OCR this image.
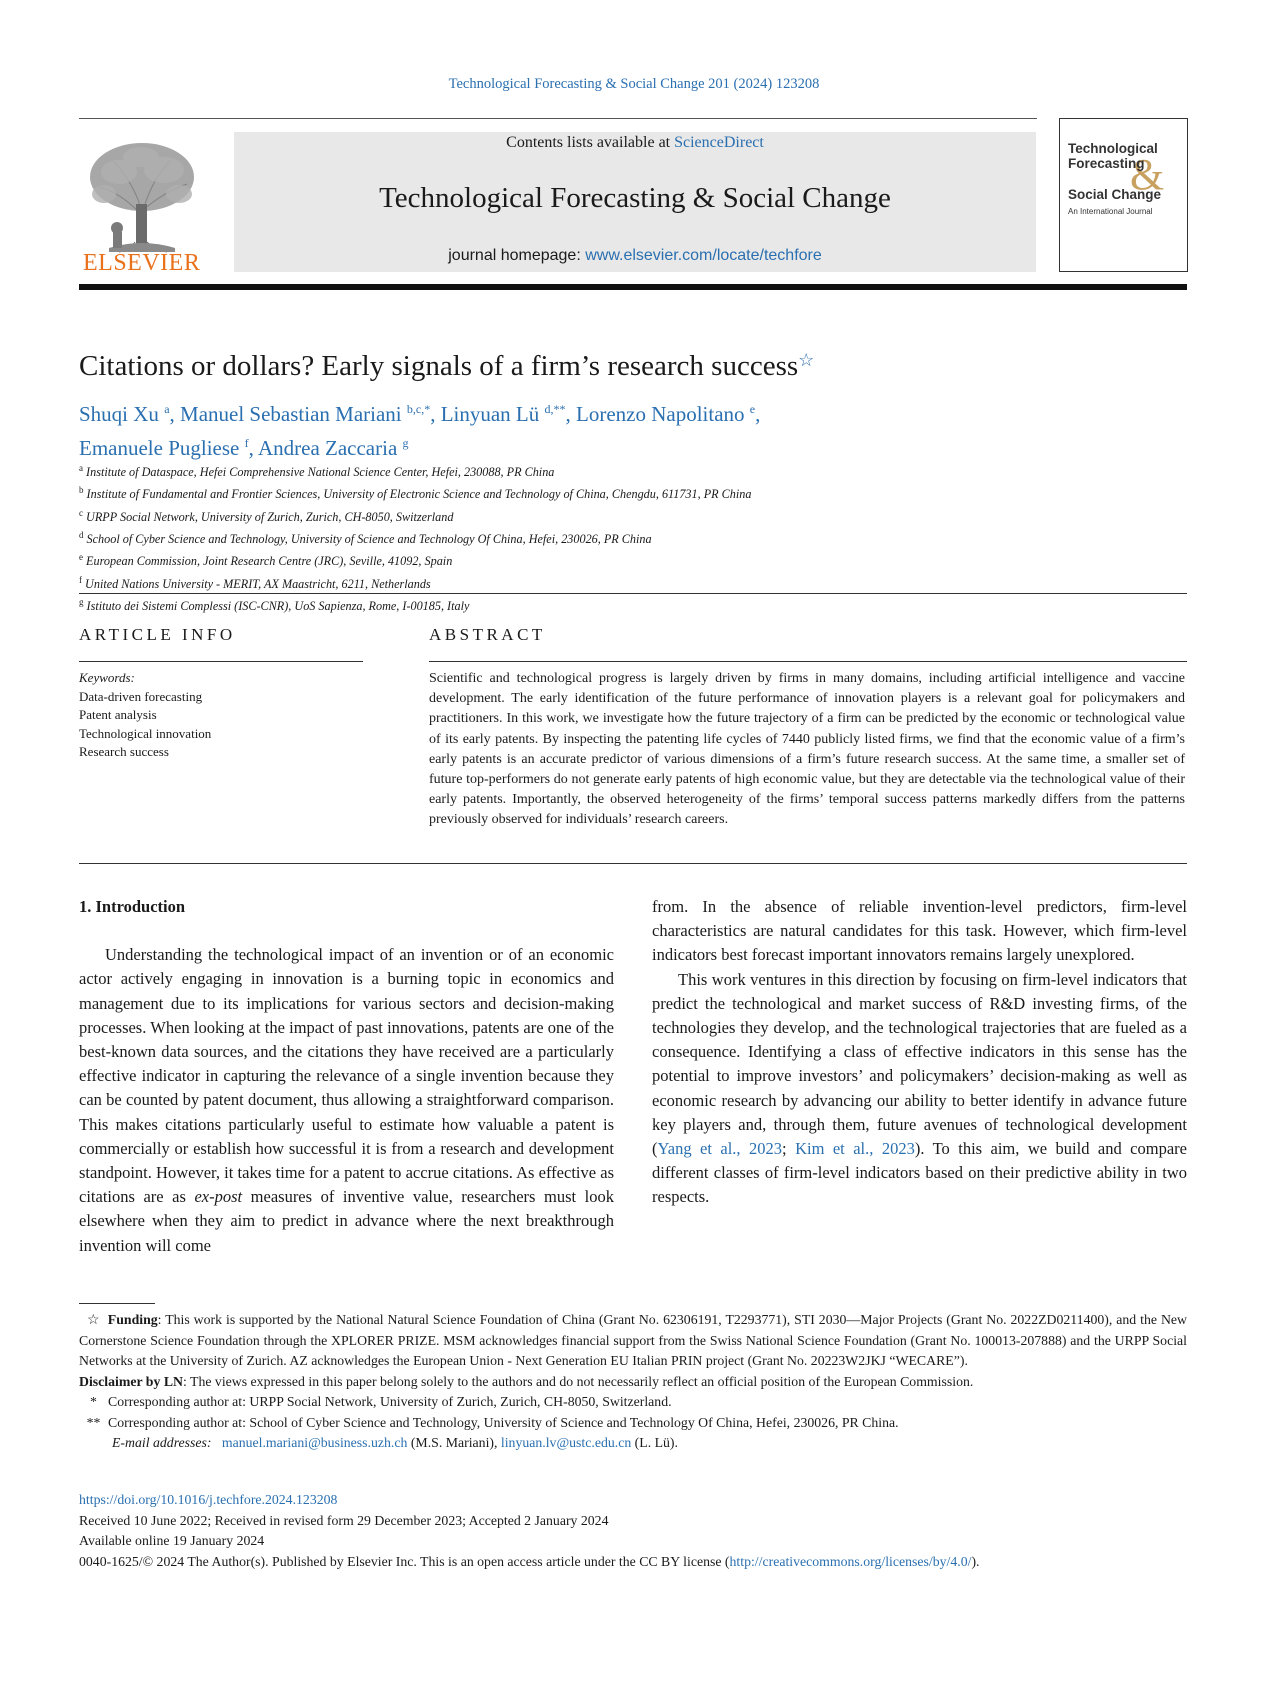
Technological Forecasting & Social Change 201 (2024) 123208
ELSEVIER
Contents lists available at ScienceDirect
Technological Forecasting & Social Change
journal homepage: www.elsevier.com/locate/techfore
&
Technological
Forecasting
Social Change
An International Journal
Citations or dollars? Early signals of a firm’s research success☆
Shuqi Xu $^a$, Manuel Sebastian Mariani $^{b,c,*}$, Linyuan Lü $^{d,**}$, Lorenzo Napolitano $^e$,
Emanuele Pugliese $^f$, Andrea Zaccaria $^g$
$^a$ Institute of Dataspace, Hefei Comprehensive National Science Center, Hefei, 230088, PR China
$^b$ Institute of Fundamental and Frontier Sciences, University of Electronic Science and Technology of China, Chengdu, 611731, PR China
$^c$ URPP Social Network, University of Zurich, Zurich, CH-8050, Switzerland
$^d$ School of Cyber Science and Technology, University of Science and Technology Of China, Hefei, 230026, PR China
$^e$ European Commission, Joint Research Centre (JRC), Seville, 41092, Spain
$^f$ United Nations University - MERIT, AX Maastricht, 6211, Netherlands
$^g$ Istituto dei Sistemi Complessi (ISC-CNR), UoS Sapienza, Rome, I-00185, Italy
ARTICLE INFO	ABSTRACT
Keywords:
Data-driven forecasting
Patent analysis
Technological innovation
Research success
Scientific and technological progress is largely driven by firms in many domains, including artificial intelligence and vaccine development. The early identification of the future performance of innovation players is a relevant goal for policymakers and practitioners. In this work, we investigate how the future trajectory of a firm can be predicted by the economic or technological value of its early patents. By inspecting the patenting life cycles of 7440 publicly listed firms, we find that the economic value of a firm’s early patents is an accurate predictor of various dimensions of a firm’s future research success. At the same time, a smaller set of future top-performers do not generate early patents of high economic value, but they are detectable via the technological value of their early patents. Importantly, the observed heterogeneity of the firms’ temporal success patterns markedly differs from the patterns previously observed for individuals’ research careers.
1. Introduction

Understanding the technological impact of an invention or of an economic actor actively engaging in innovation is a burning topic in economics and management due to its implications for various sectors and decision-making processes. When looking at the impact of past innovations, patents are one of the best-known data sources, and the citations they have received are a particularly effective indicator in capturing the relevance of a single invention because they can be counted by patent document, thus allowing a straightforward comparison. This makes citations particularly useful to estimate how valuable a patent is commercially or establish how successful it is from a research and development standpoint. However, it takes time for a patent to accrue citations. As effective as citations are as ex-post measures of inventive value, researchers must look elsewhere when they aim to predict in advance where the next breakthrough invention will come

from. In the absence of reliable invention-level predictors, firm-level characteristics are natural candidates for this task. However, which firm-level indicators best forecast important innovators remains largely unexplored.

This work ventures in this direction by focusing on firm-level indicators that predict the technological and market success of R&D investing firms, of the technologies they develop, and the technological trajectories that are fueled as a consequence. Identifying a class of effective indicators in this sense has the potential to improve investors’ and policymakers’ decision-making as well as economic research by advancing our ability to better identify in advance future key players and, through them, future avenues of technological development (Yang et al., 2023; Kim et al., 2023). To this aim, we build and compare different classes of firm-level indicators based on their predictive ability in two respects.

☆ Funding: This work is supported by the National Natural Science Foundation of China (Grant No. 62306191, T2293771), STI 2030—Major Projects (Grant No. 2022ZD0211400), and the New Cornerstone Science Foundation through the XPLORER PRIZE. MSM acknowledges financial support from the Swiss National Science Foundation (Grant No. 100013-207888) and the URPP Social Networks at the University of Zurich. AZ acknowledges the European Union - Next Generation EU Italian PRIN project (Grant No. 20223W2JKJ “WECARE”).

Disclaimer by LN: The views expressed in this paper belong solely to the authors and do not necessarily reflect an official position of the European Commission.

* Corresponding author at: URPP Social Network, University of Zurich, Zurich, CH-8050, Switzerland.

** Corresponding author at: School of Cyber Science and Technology, University of Science and Technology Of China, Hefei, 230026, PR China.

E-mail addresses: manuel.mariani@business.uzh.ch (M.S. Mariani), linyuan.lv@ustc.edu.cn (L. Lü).

https://doi.org/10.1016/j.techfore.2024.123208

Received 10 June 2022; Received in revised form 29 December 2023; Accepted 2 January 2024

Available online 19 January 2024

0040-1625/© 2024 The Author(s). Published by Elsevier Inc. This is an open access article under the CC BY license (http://creativecommons.org/licenses/by/4.0/).
